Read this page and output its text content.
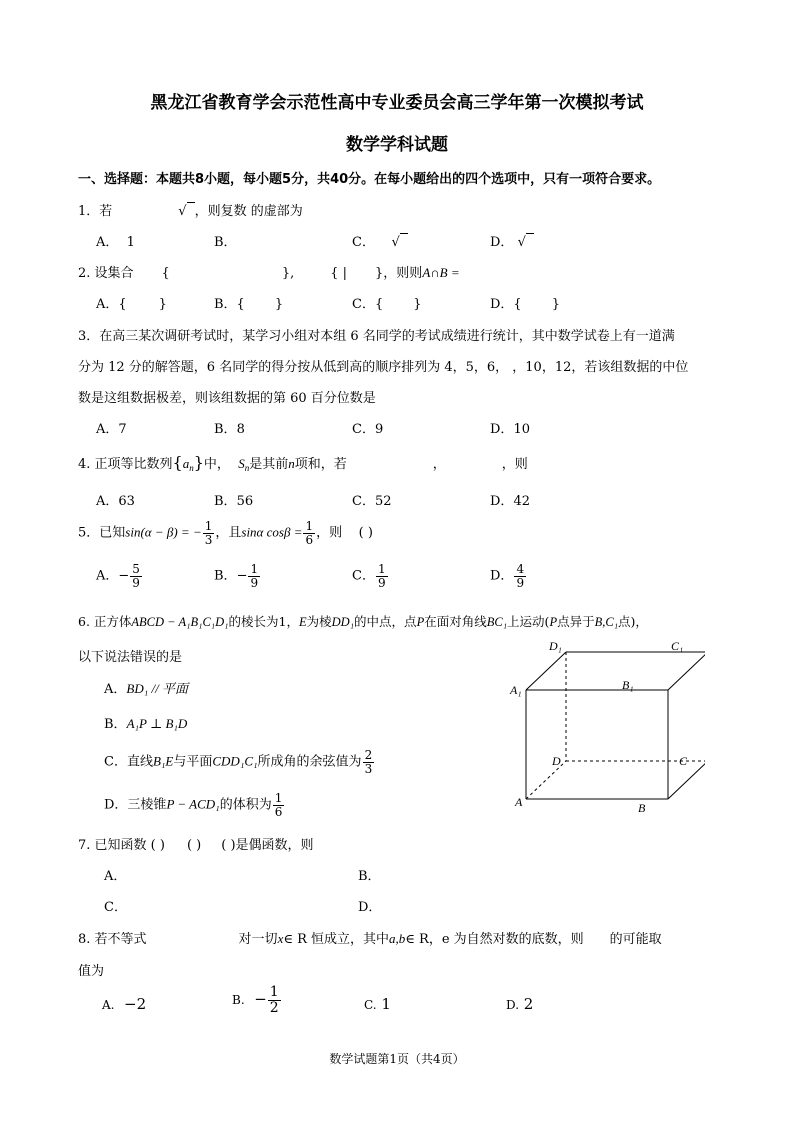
黑龙江省教育学会示范性高中专业委员会高三学年第一次模拟考试
数学学科试题
一、选择题：本题共8小题，每小题5分，共40分。在每小题给出的四个选项中，只有一项符合要求。
1．若	√ ，则复数 的虚部为
A． 1	B．	C． √	D． √
2. 设集合 {	},	{ | }，则则A∩B =
A．{ }	B．{ }	C．{ }	D．{ }
3．在高三某次调研考试时，某学习小组对本组 6 名同学的考试成绩进行统计，其中数学试卷上有一道满
分为 12 分的解答题，6 名同学的得分按从低到高的顺序排列为 4，5，6， ，10，12，若该组数据的中位
数是这组数据极差，则该组数据的第 60 百分位数是
A．7	B．8	C．9	D．10
4. 正项等比数列$\{a_n\}$中， $S_n$是其前n项和，若	，	，则
A．63	B．56	C．52	D．42
5．已知sin(α − β) = − $\frac{1}{3}$ ，且sinα $\cos\beta = \frac{1}{6}$ ，则 ( )
A．− $\frac{5}{9}$	B．− $\frac{1}{9}$	C． $\frac{1}{9}$	D． $\frac{4}{9}$
6. 正方体ABCD − A₁B₁C₁D₁的棱长为1，E为棱DD₁的中点，点P在面对角线BC₁上运动(P点异于B,C₁点)，
以下说法错误的是
A．BD₁ // 平面
B．A₁P ⊥ B₁D
C．直线B₁E与平面CDD₁C₁所成角的余弦值为 $\frac{2}{3}$
D．三棱锥P − ACD₁的体积为 $\frac{1}{6}$
D₁	C₁
A₁	B₁
D	C
A	B
7. 已知函数 ( ) ( ) ( )是偶函数，则
A．	B．
C．	D．
8. 若不等式	对一切x∈ R 恒成立，其中a,b∈ R，e 为自然对数的底数，则 的可能取
值为
A. −2	B. − $\frac{1}{2}$	C. 1	D. 2
数学试题第1页（共4页）
